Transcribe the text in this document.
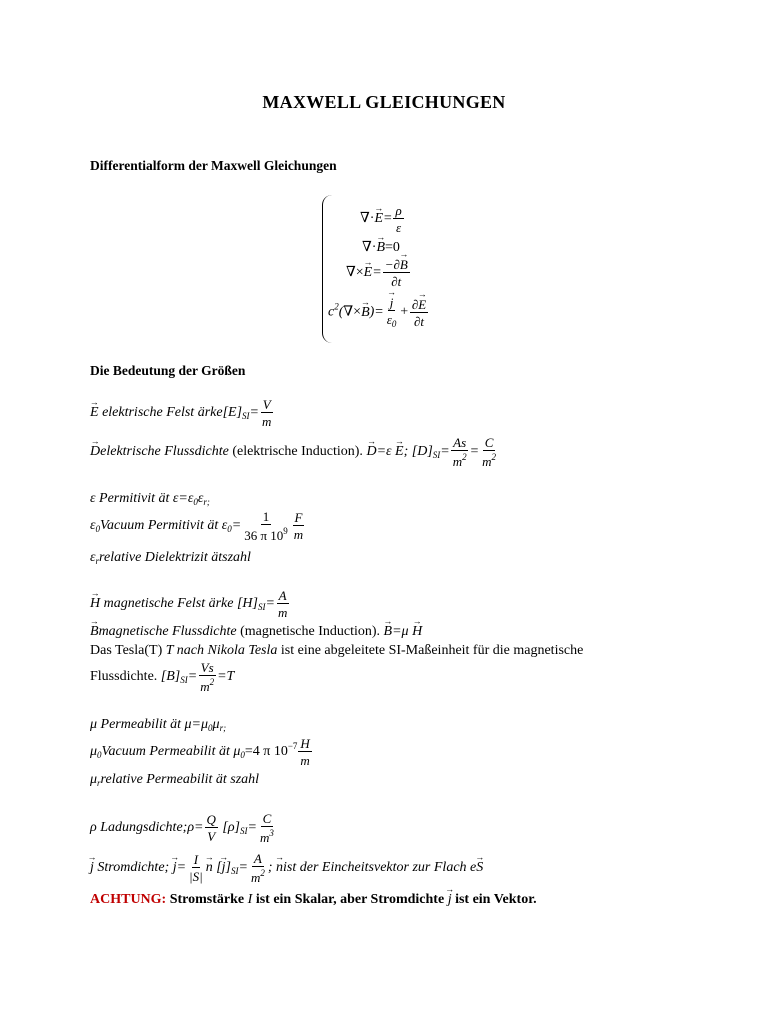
MAXWELL GLEICHUNGEN
Differentialform der Maxwell Gleichungen
∇·→ $E= \frac{\rho}{\varepsilon}$
∇·→ B=0
∇×→ $E= \frac{-\partial\to B}{\partial t}$
$c^2(\nabla\times\to B)=$
→ $\frac{j}{\varepsilon_0} + \frac{\partial\to E}{\partial t}$
Die Bedeutung der Größen
→ E elektrische Felst $ärke[E]_{SI}= \frac{V}{m}$
→ Delektrische Flussdichte (elektrische Induction). → D=ε → E; $[D]_{SI}= \frac{As}{m^2} = \frac{C}{m^2}$
ε Permitivit ät $\varepsilon=\varepsilon_0\varepsilon_{r;}$
$\varepsilon_0Vacuum$ Permitivit ät $\varepsilon_0= \frac{1}{36 \pi 10^9} \frac{F}{m}$
$\varepsilon_rrelative$ Dielektrizit ätszahl
→ H magnetische Felst ärke $[H]_{SI}= \frac{A}{m}$
→ Bmagnetische Flussdichte (magnetische Induction). → B=μ → H
Das Tesla(T) T nach Nikola Tesla ist eine abgeleitete SI-Maßeinheit für die magnetische
Flussdichte. $[B]_{SI}= \frac{Vs}{m^2} =T$
μ Permeabilit ät $\mu=\mu_0\mu_{r;}$
$\mu_0Vacuum$ Permeabilit ät $\mu_0=4$ π $10^{-7} \frac{H}{m}$
$\mu_rrelative$ Permeabilit ät szahl
ρ Ladungsdichte;ρ= $\frac{Q}{V} [\rho]_{SI}= \frac{C}{m^3}$
→ j Stromdichte; → $j= \frac{I}{|S|}$
→ n [→ $j]_{SI}= \frac{A}{m^2}$ ; → nist der Eincheitsvektor zur Flach e→ S
ACHTUNG: Stromstärke I ist ein Skalar, aber Stromdichte → j ist ein Vektor.
